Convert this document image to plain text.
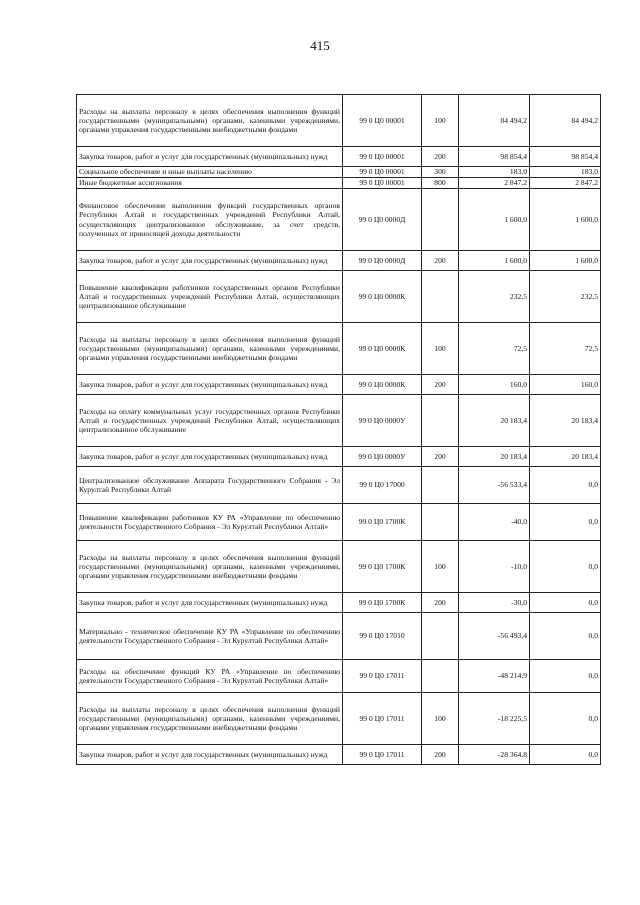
415
Расходы на выплаты персоналу в целях обеспечения выполнения функций государственными (муниципальными) органами, казенными учреждениями, органами управления государственными внебюджетными фондами	99 0 Ц0 00001	100	84 494,2	84 494,2
Закупка товаров, работ и услуг для государственных (муниципальных) нужд	99 0 Ц0 00001	200	98 854,4	98 854,4
Социальное обеспечение и иные выплаты населению	99 0 Ц0 00001	300	183,0	183,0
Иные бюджетные ассигнования	99 0 Ц0 00001	800	2 847,2	2 847,2
Финансовое обеспечение выполнения функций государственных органов Республики Алтай и государственных учреждений Республики Алтай, осуществляющих централизованное обслуживание, за счет средств, полученных от приносящей доходы деятельности	99 0 Ц0 0000Д		1 600,0	1 600,0
Закупка товаров, работ и услуг для государственных (муниципальных) нужд	99 0 Ц0 0000Д	200	1 600,0	1 600,0
Повышение квалификации работников государственных органов Республики Алтай и государственных учреждений Республики Алтай, осуществляющих централизованное обслуживание	99 0 Ц0 0000К		232,5	232,5
Расходы на выплаты персоналу в целях обеспечения выполнения функций государственными (муниципальными) органами, казенными учреждениями, органами управления государственными внебюджетными фондами	99 0 Ц0 0000К	100	72,5	72,5
Закупка товаров, работ и услуг для государственных (муниципальных) нужд	99 0 Ц0 0000К	200	160,0	160,0
Расходы на оплату коммунальных услуг государственных органов Республики Алтай и государственных учреждений Республики Алтай, осуществляющих централизованное обслуживание	99 0 Ц0 0000У		20 183,4	20 183,4
Закупка товаров, работ и услуг для государственных (муниципальных) нужд	99 0 Ц0 0000У	200	20 183,4	20 183,4
Централизованное обслуживание Аппарата Государственного Собрания - Эл Курултай Республики Алтай	99 0 Ц0 17000		-56 533,4	0,0
Повышение квалификации работников КУ РА «Управление по обеспечению деятельности Государственного Собрания - Эл Курултай Республики Алтай»	99 0 Ц0 1700К		-40,0	0,0
Расходы на выплаты персоналу в целях обеспечения выполнения функций государственными (муниципальными) органами, казенными учреждениями, органами управления государственными внебюджетными фондами	99 0 Ц0 1700К	100	-10,0	0,0
Закупка товаров, работ и услуг для государственных (муниципальных) нужд	99 0 Ц0 1700К	200	-30,0	0,0
Материально - техническое обеспечение КУ РА «Управление по обеспечению деятельности Государственного Собрания - Эл Курултай Республики Алтай»	99 0 Ц0 17010		-56 493,4	0,0
Расходы на обеспечение функций КУ РА «Управление по обеспечению деятельности Государственного Собрания - Эл Курултай Республики Алтай»	99 0 Ц0 17011		-48 214,9	0,0
Расходы на выплаты персоналу в целях обеспечения выполнения функций государственными (муниципальными) органами, казенными учреждениями, органами управления государственными внебюджетными фондами	99 0 Ц0 17011	100	-18 225,5	0,0
Закупка товаров, работ и услуг для государственных (муниципальных) нужд	99 0 Ц0 17011	200	-28 364,8	0,0
